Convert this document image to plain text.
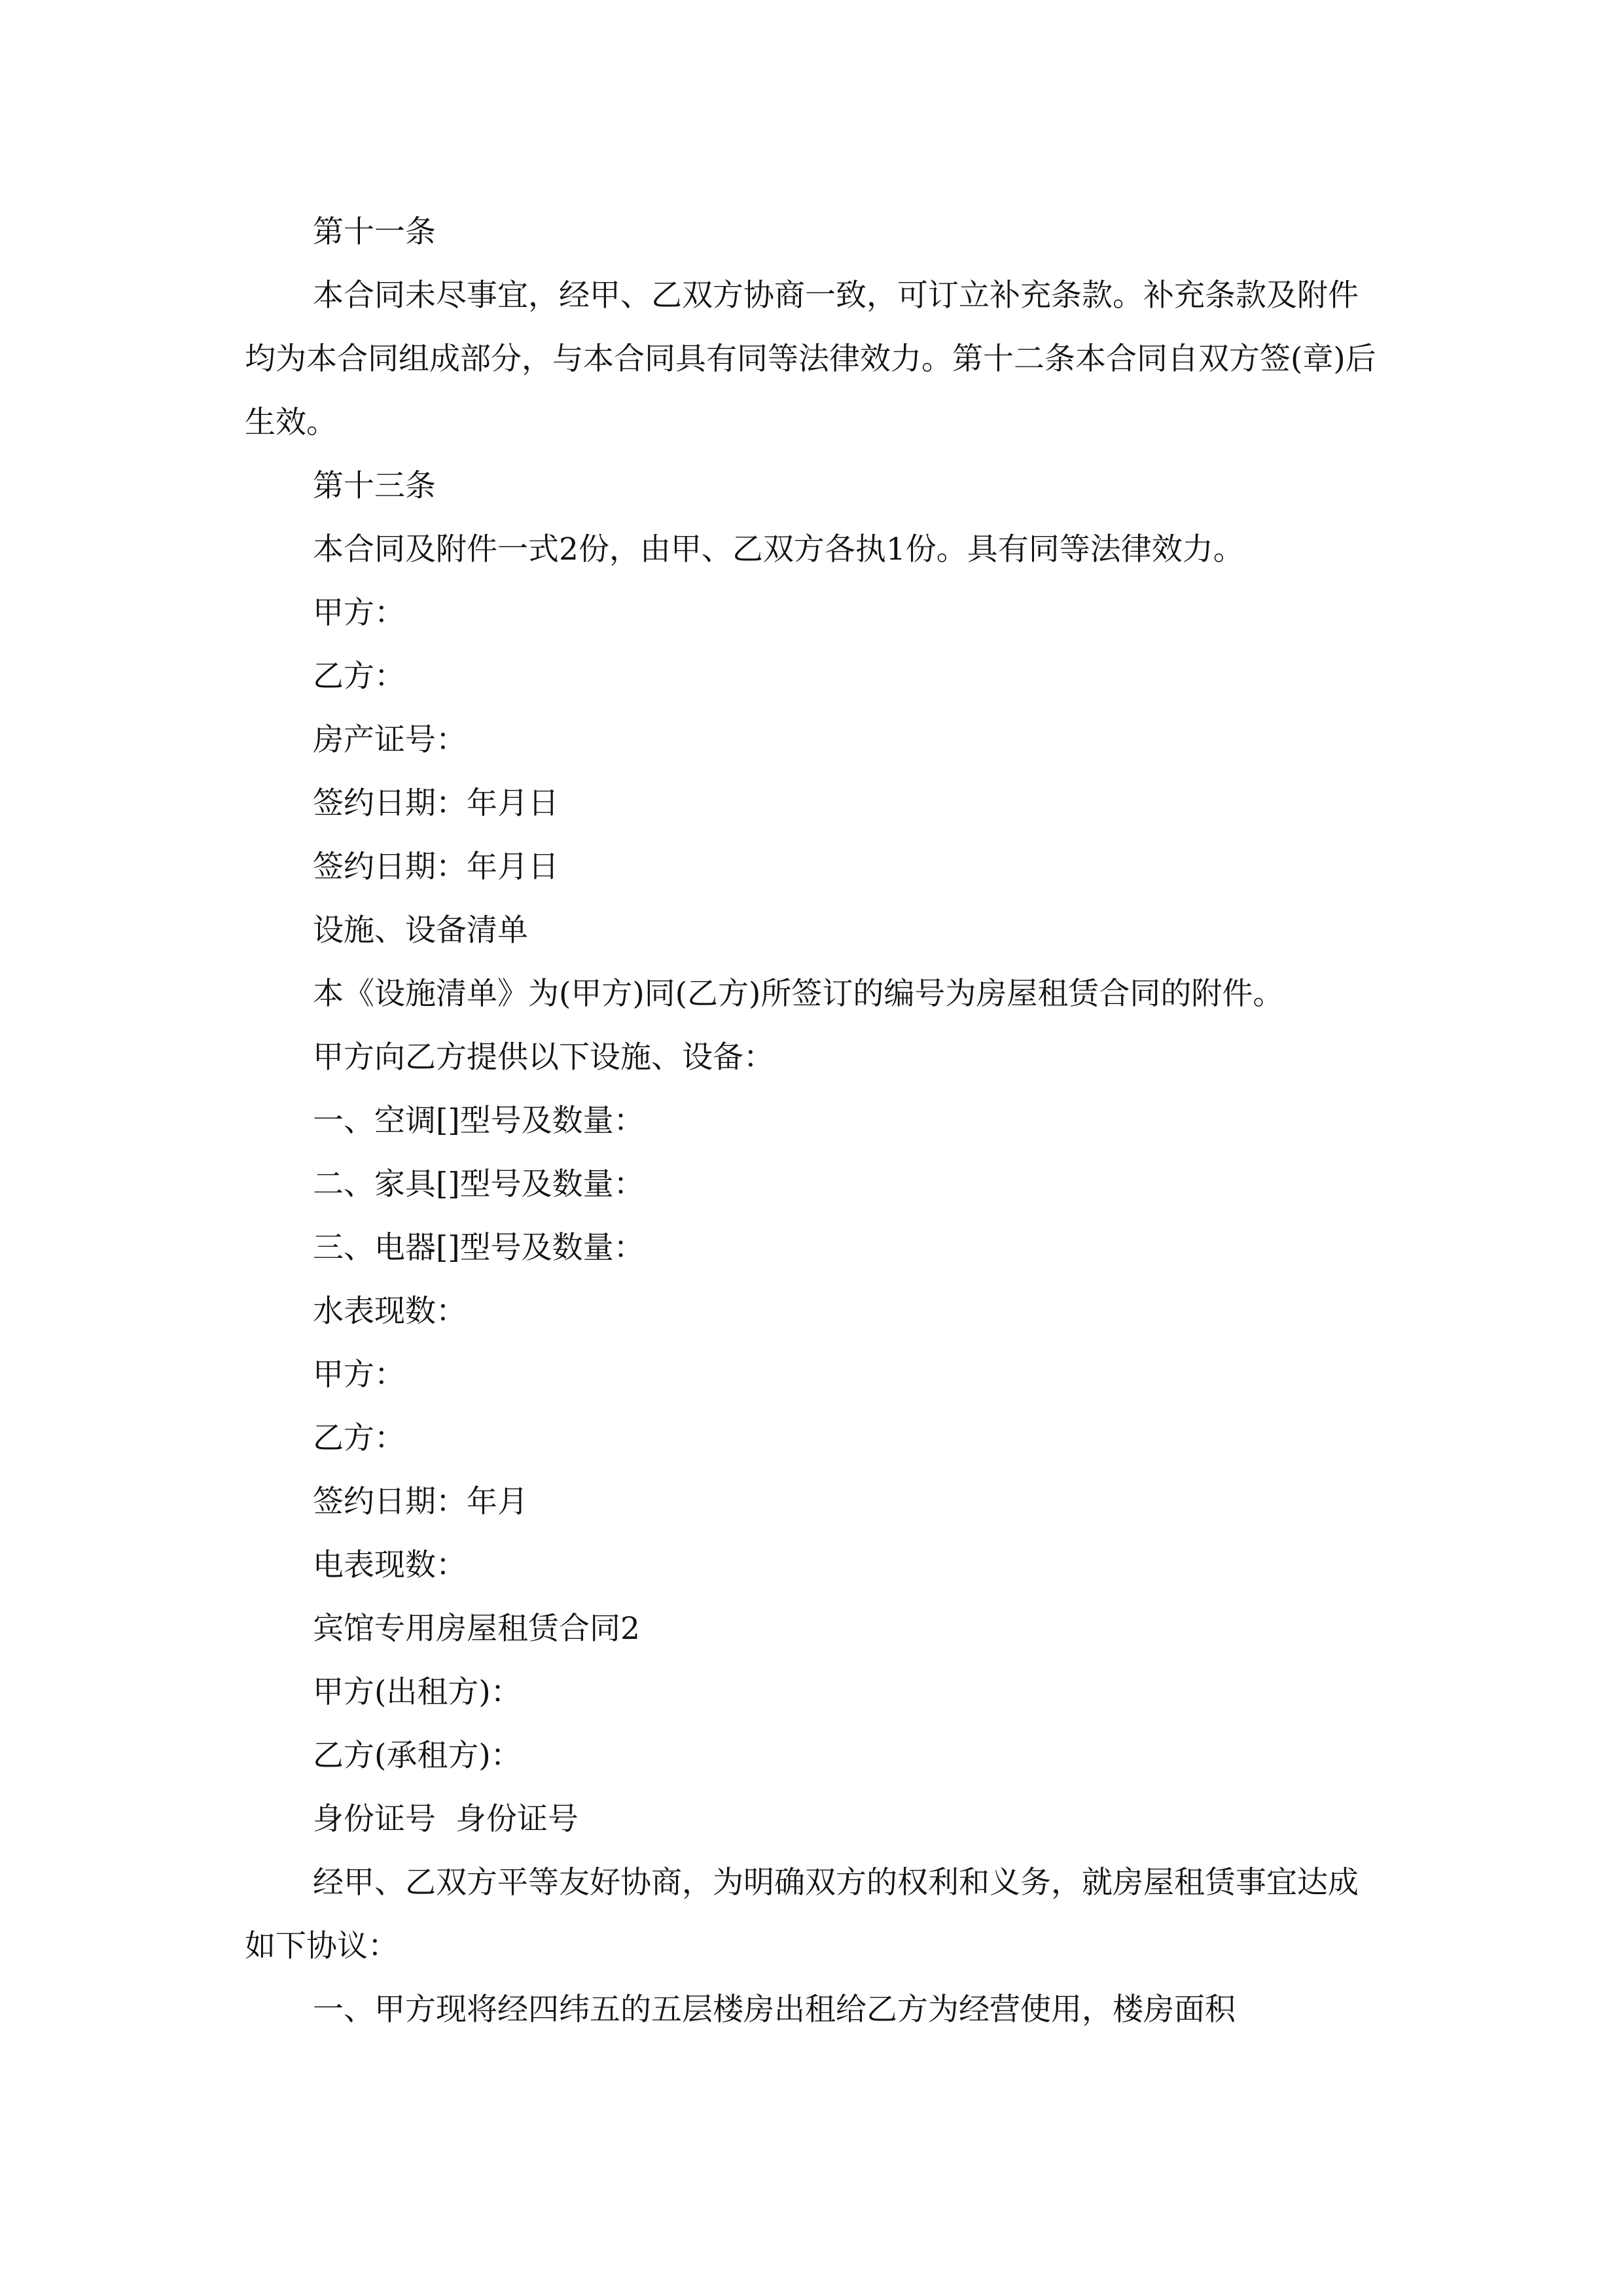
第十一条

本合同未尽事宜，经甲、乙双方协商一致，可订立补充条款。补充条款及附件均为本合同组成部分，与本合同具有同等法律效力。第十二条本合同自双方签(章)后生效。

第十三条

本合同及附件一式2份，由甲、乙双方各执1份。具有同等法律效力。

甲方：

乙方：

房产证号：

签约日期：年月日

签约日期：年月日

设施、设备清单

本《设施清单》为(甲方)同(乙方)所签订的编号为房屋租赁合同的附件。

甲方向乙方提供以下设施、设备：

一、空调[]型号及数量：

二、家具[]型号及数量：

三、电器[]型号及数量：

水表现数：

甲方：

乙方：

签约日期：年月

电表现数：

宾馆专用房屋租赁合同2

甲方(出租方)：

乙方(承租方)：

身份证号  身份证号

经甲、乙双方平等友好协商，为明确双方的权利和义务，就房屋租赁事宜达成如下协议：

一、甲方现将经四纬五的五层楼房出租给乙方为经营使用，楼房面积
